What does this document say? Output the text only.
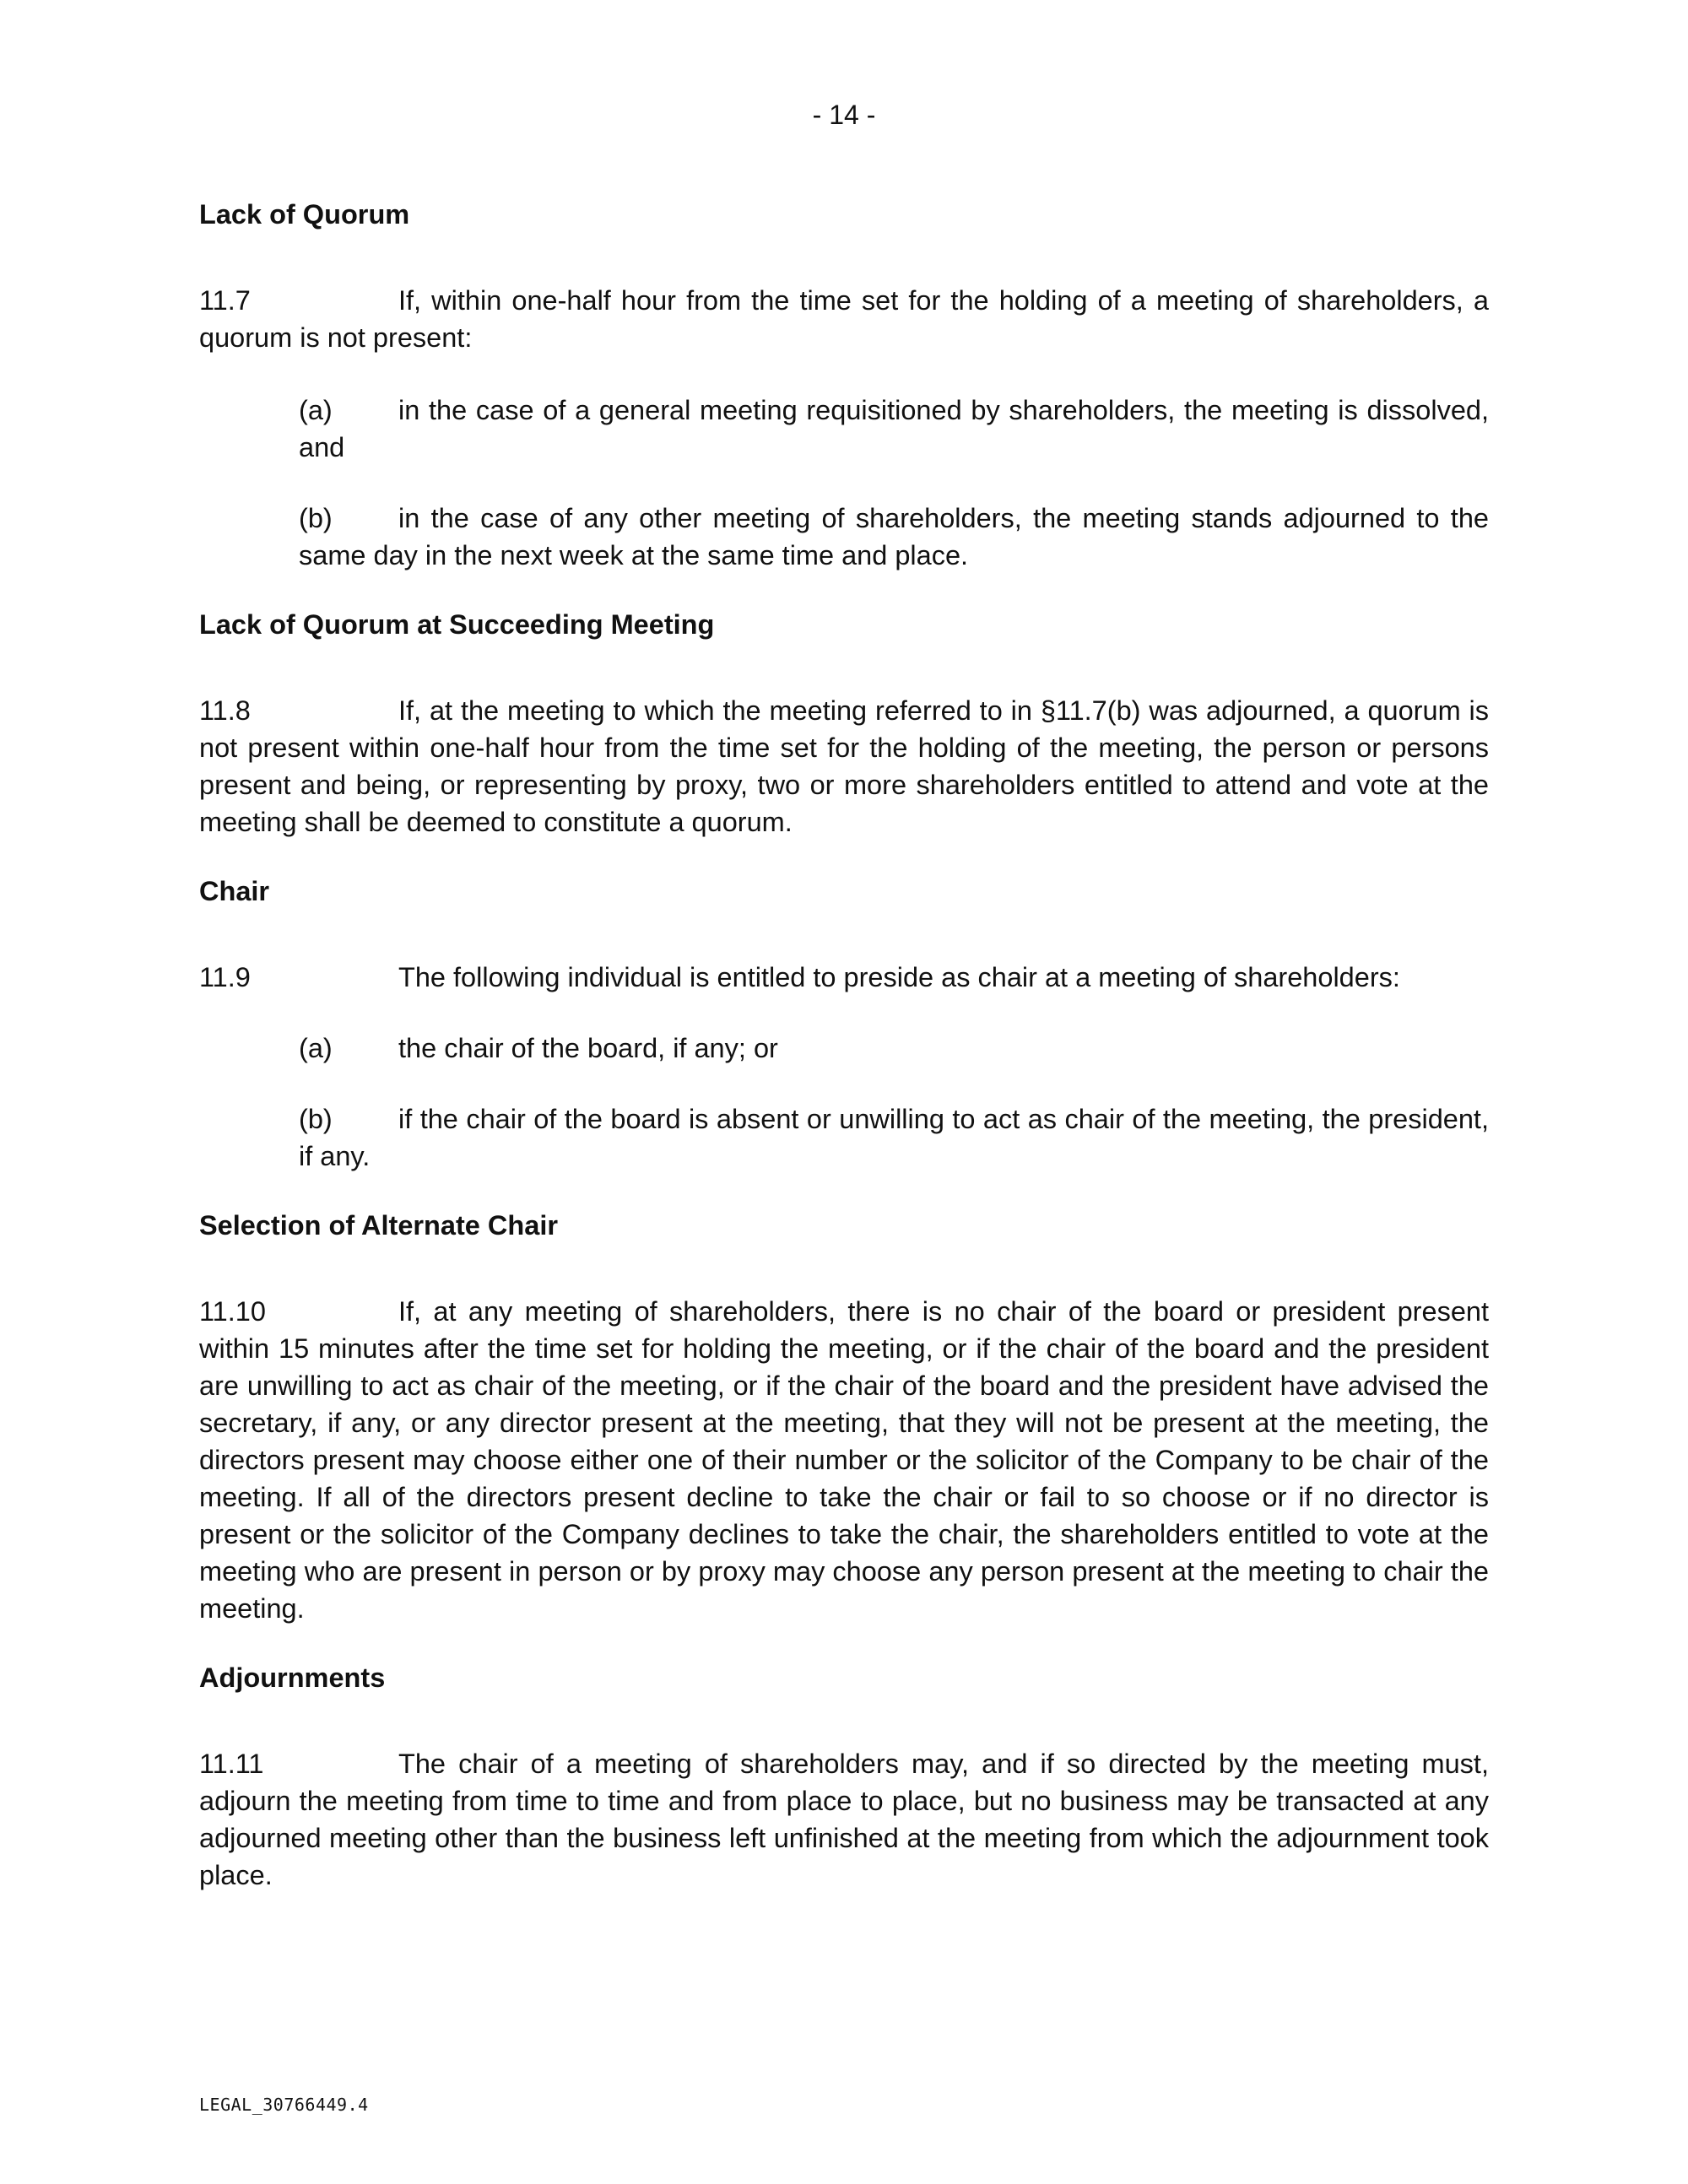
- 14 -

Lack of Quorum

11.7	If, within one-half hour from the time set for the holding of a meeting of shareholders, a quorum is not present:

(a) in the case of a general meeting requisitioned by shareholders, the meeting is dissolved, and

(b) in the case of any other meeting of shareholders, the meeting stands adjourned to the same day in the next week at the same time and place.

Lack of Quorum at Succeeding Meeting

11.8	If, at the meeting to which the meeting referred to in §11.7(b) was adjourned, a quorum is not present within one-half hour from the time set for the holding of the meeting, the person or persons present and being, or representing by proxy, two or more shareholders entitled to attend and vote at the meeting shall be deemed to constitute a quorum.

Chair

11.9	The following individual is entitled to preside as chair at a meeting of shareholders:

(a) the chair of the board, if any; or

(b) if the chair of the board is absent or unwilling to act as chair of the meeting, the president, if any.

Selection of Alternate Chair

11.10	If, at any meeting of shareholders, there is no chair of the board or president present within 15 minutes after the time set for holding the meeting, or if the chair of the board and the president are unwilling to act as chair of the meeting, or if the chair of the board and the president have advised the secretary, if any, or any director present at the meeting, that they will not be present at the meeting, the directors present may choose either one of their number or the solicitor of the Company to be chair of the meeting. If all of the directors present decline to take the chair or fail to so choose or if no director is present or the solicitor of the Company declines to take the chair, the shareholders entitled to vote at the meeting who are present in person or by proxy may choose any person present at the meeting to chair the meeting.

Adjournments

11.11	The chair of a meeting of shareholders may, and if so directed by the meeting must, adjourn the meeting from time to time and from place to place, but no business may be transacted at any adjourned meeting other than the business left unfinished at the meeting from which the adjournment took place.

LEGAL_30766449.4
